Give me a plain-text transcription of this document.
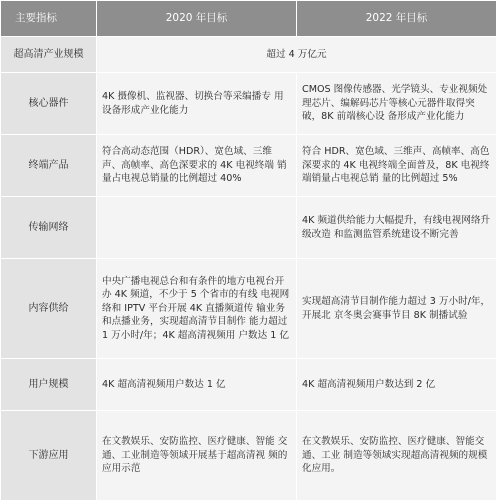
主要指标	2020 年目标	2022 年目标
超高清产业规模	超过 4 万亿元	
核心器件	4K 摄像机、监视器、切换台等采编播专 用设备形成产业化能力	CMOS 图像传感器、光学镜头、专业视频处理芯片、编解码芯片等核心元器件取得突破，8K 前端核心设 备形成产业化能力
终端产品	符合高动态范围（HDR）、宽色域、三维 声、高帧率、高色深要求的 4K 电视终端 销量占电视总销量的比例超过 40%	符合 HDR、宽色域、三维声、高帧率、高色深要求的 4K 电视终端全面普及，8K 电视终端销量占电视总销 量的比例超过 5%
传输网络		4K 频道供给能力大幅提升，有线电视网络升级改造 和监测监管系统建设不断完善
内容供给	中央广播电视总台和有条件的地方电视台开办 4K 频道，不少于 5 个省市的有线 电视网络和 IPTV 平台开展 4K 直播频道传 输业务和点播业务，实现超高清节目制作 能力超过 1 万小时/年；4K 超高清视频用 户数达 1 亿	实现超高清节目制作能力超过 3 万小时/年，开展北 京冬奥会赛事节目 8K 制播试验
用户规模	4K 超高清视频用户数达 1 亿	4K 超高清视频用户数达到 2 亿
下游应用	在文教娱乐、安防监控、医疗健康、智能 交通、工业制造等领域开展基于超高清视 频的应用示范	在文教娱乐、安防监控、医疗健康、智能交通、工业 制造等领域实现超高清视频的规模化应用。
